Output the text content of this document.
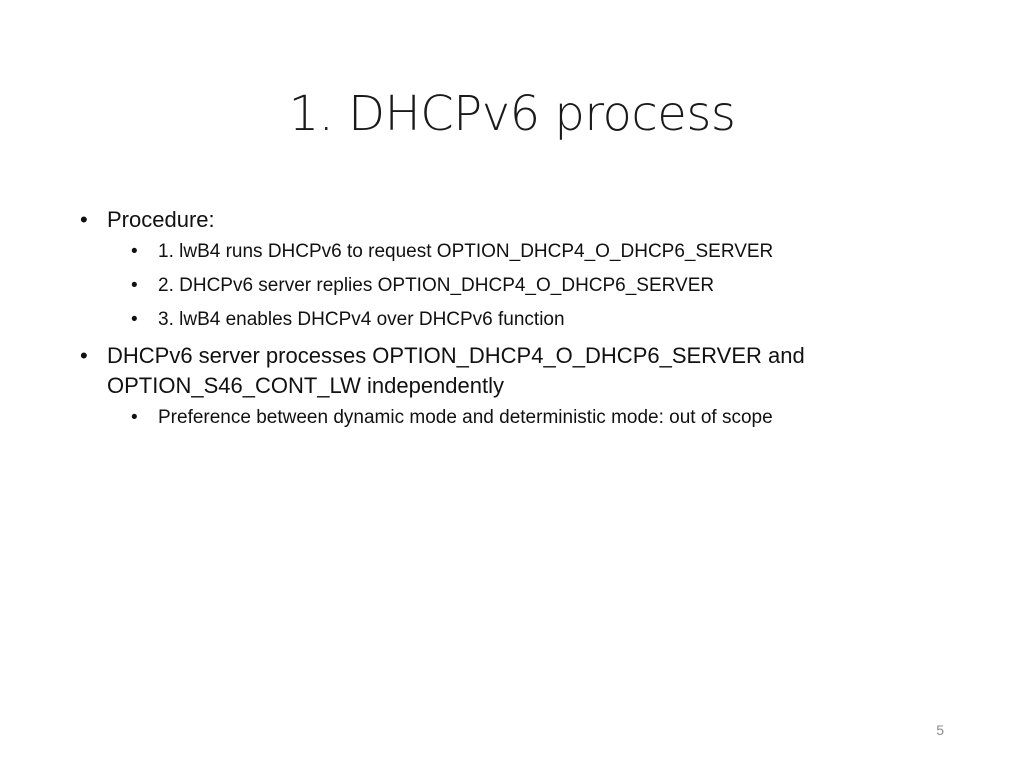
1. DHCPv6 process
• Procedure:
•	1. lwB4 runs DHCPv6 to request OPTION_DHCP4_O_DHCP6_SERVER
•	2. DHCPv6 server replies OPTION_DHCP4_O_DHCP6_SERVER
•	3. lwB4 enables DHCPv4 over DHCPv6 function
• DHCPv6 server processes OPTION_DHCP4_O_DHCP6_SERVER and OPTION_S46_CONT_LW independently
•	Preference between dynamic mode and deterministic mode: out of scope
5
